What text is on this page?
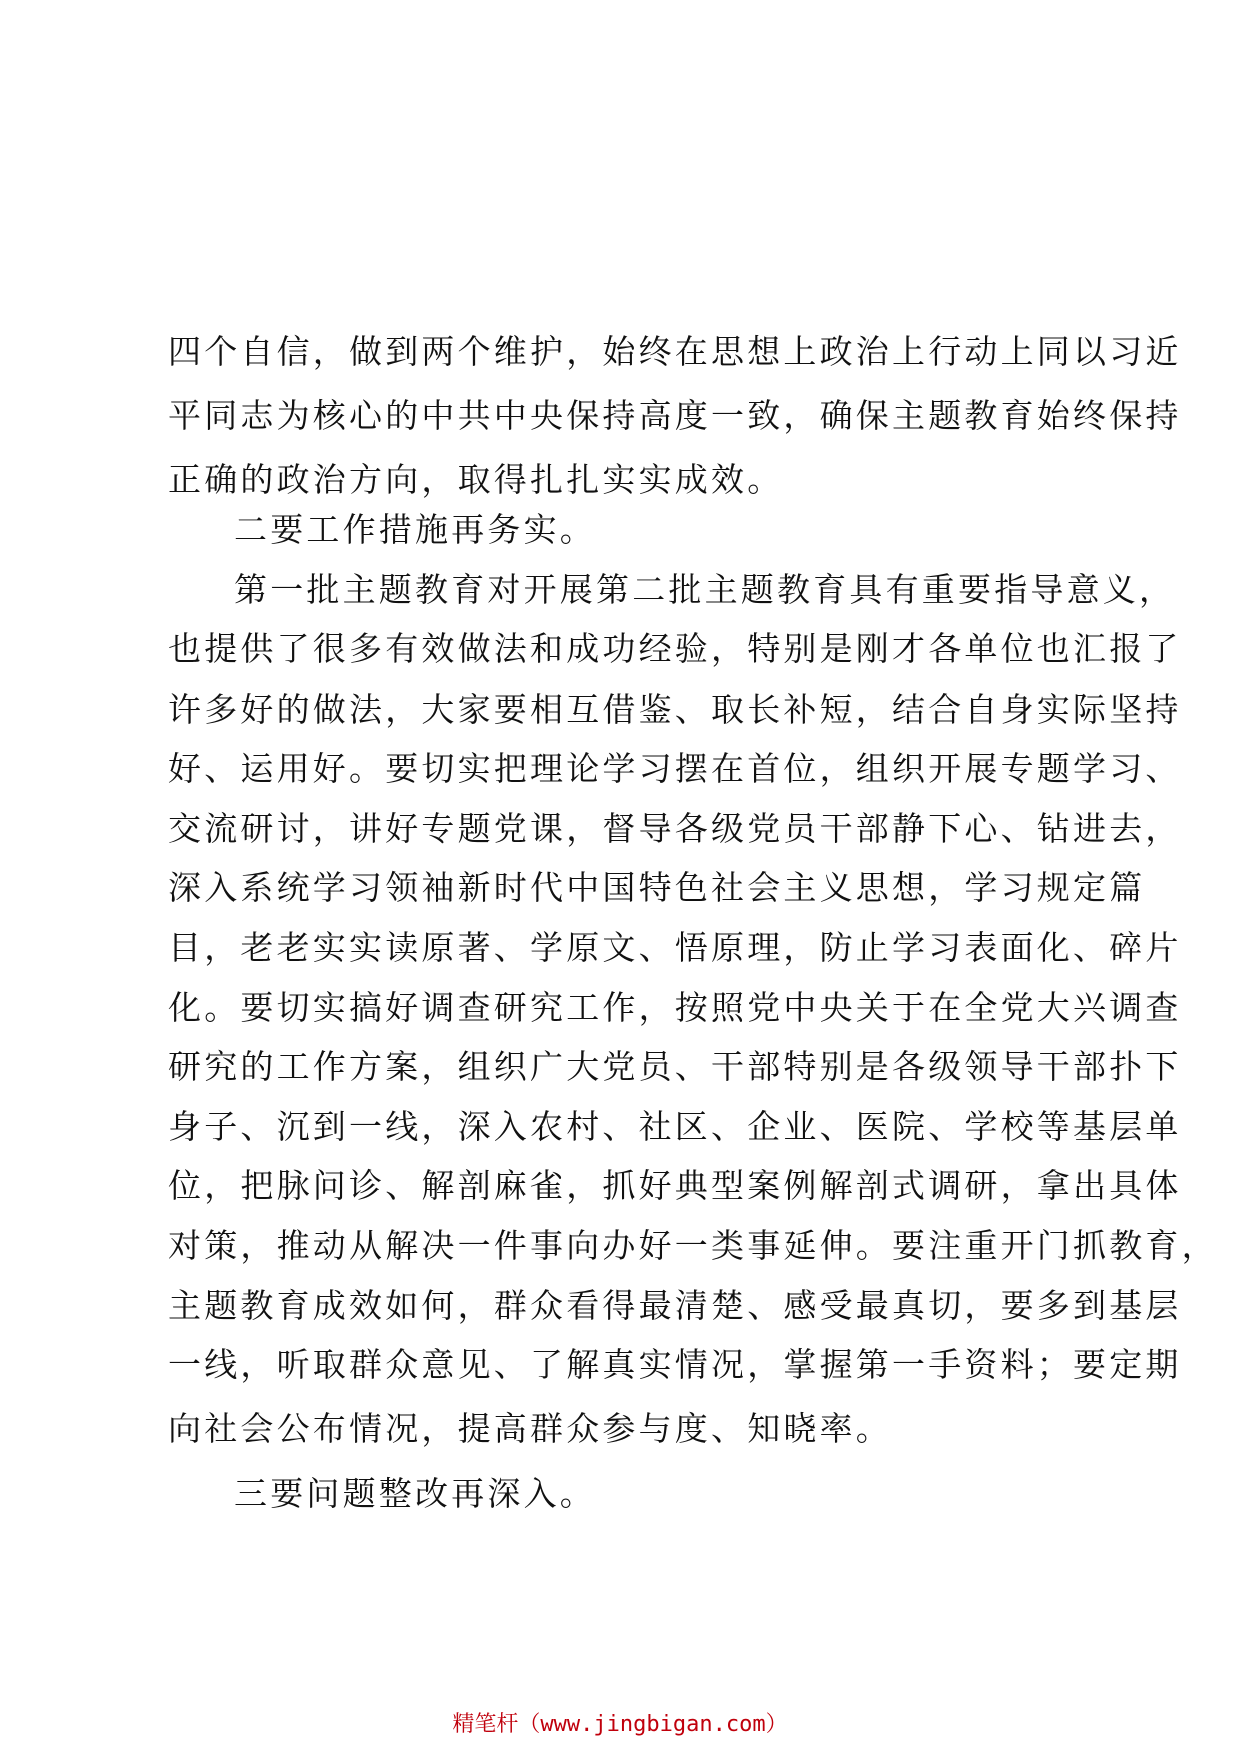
四个自信，做到两个维护，始终在思想上政治上行动上同以习近
平同志为核心的中共中央保持高度一致，确保主题教育始终保持
正确的政治方向，取得扎扎实实成效。
二要工作措施再务实。
第一批主题教育对开展第二批主题教育具有重要指导意义，
也提供了很多有效做法和成功经验，特别是刚才各单位也汇报了
许多好的做法，大家要相互借鉴、取长补短，结合自身实际坚持
好、运用好。要切实把理论学习摆在首位，组织开展专题学习、
交流研讨，讲好专题党课，督导各级党员干部静下心、钻进去，
深入系统学习领袖新时代中国特色社会主义思想，学习规定篇
目，老老实实读原著、学原文、悟原理，防止学习表面化、碎片
化。要切实搞好调查研究工作，按照党中央关于在全党大兴调查
研究的工作方案，组织广大党员、干部特别是各级领导干部扑下
身子、沉到一线，深入农村、社区、企业、医院、学校等基层单
位，把脉问诊、解剖麻雀，抓好典型案例解剖式调研，拿出具体
对策，推动从解决一件事向办好一类事延伸。要注重开门抓教育，
主题教育成效如何，群众看得最清楚、感受最真切，要多到基层
一线，听取群众意见、了解真实情况，掌握第一手资料；要定期
向社会公布情况，提高群众参与度、知晓率。
三要问题整改再深入。
精笔杆（www.jingbigan.com）
